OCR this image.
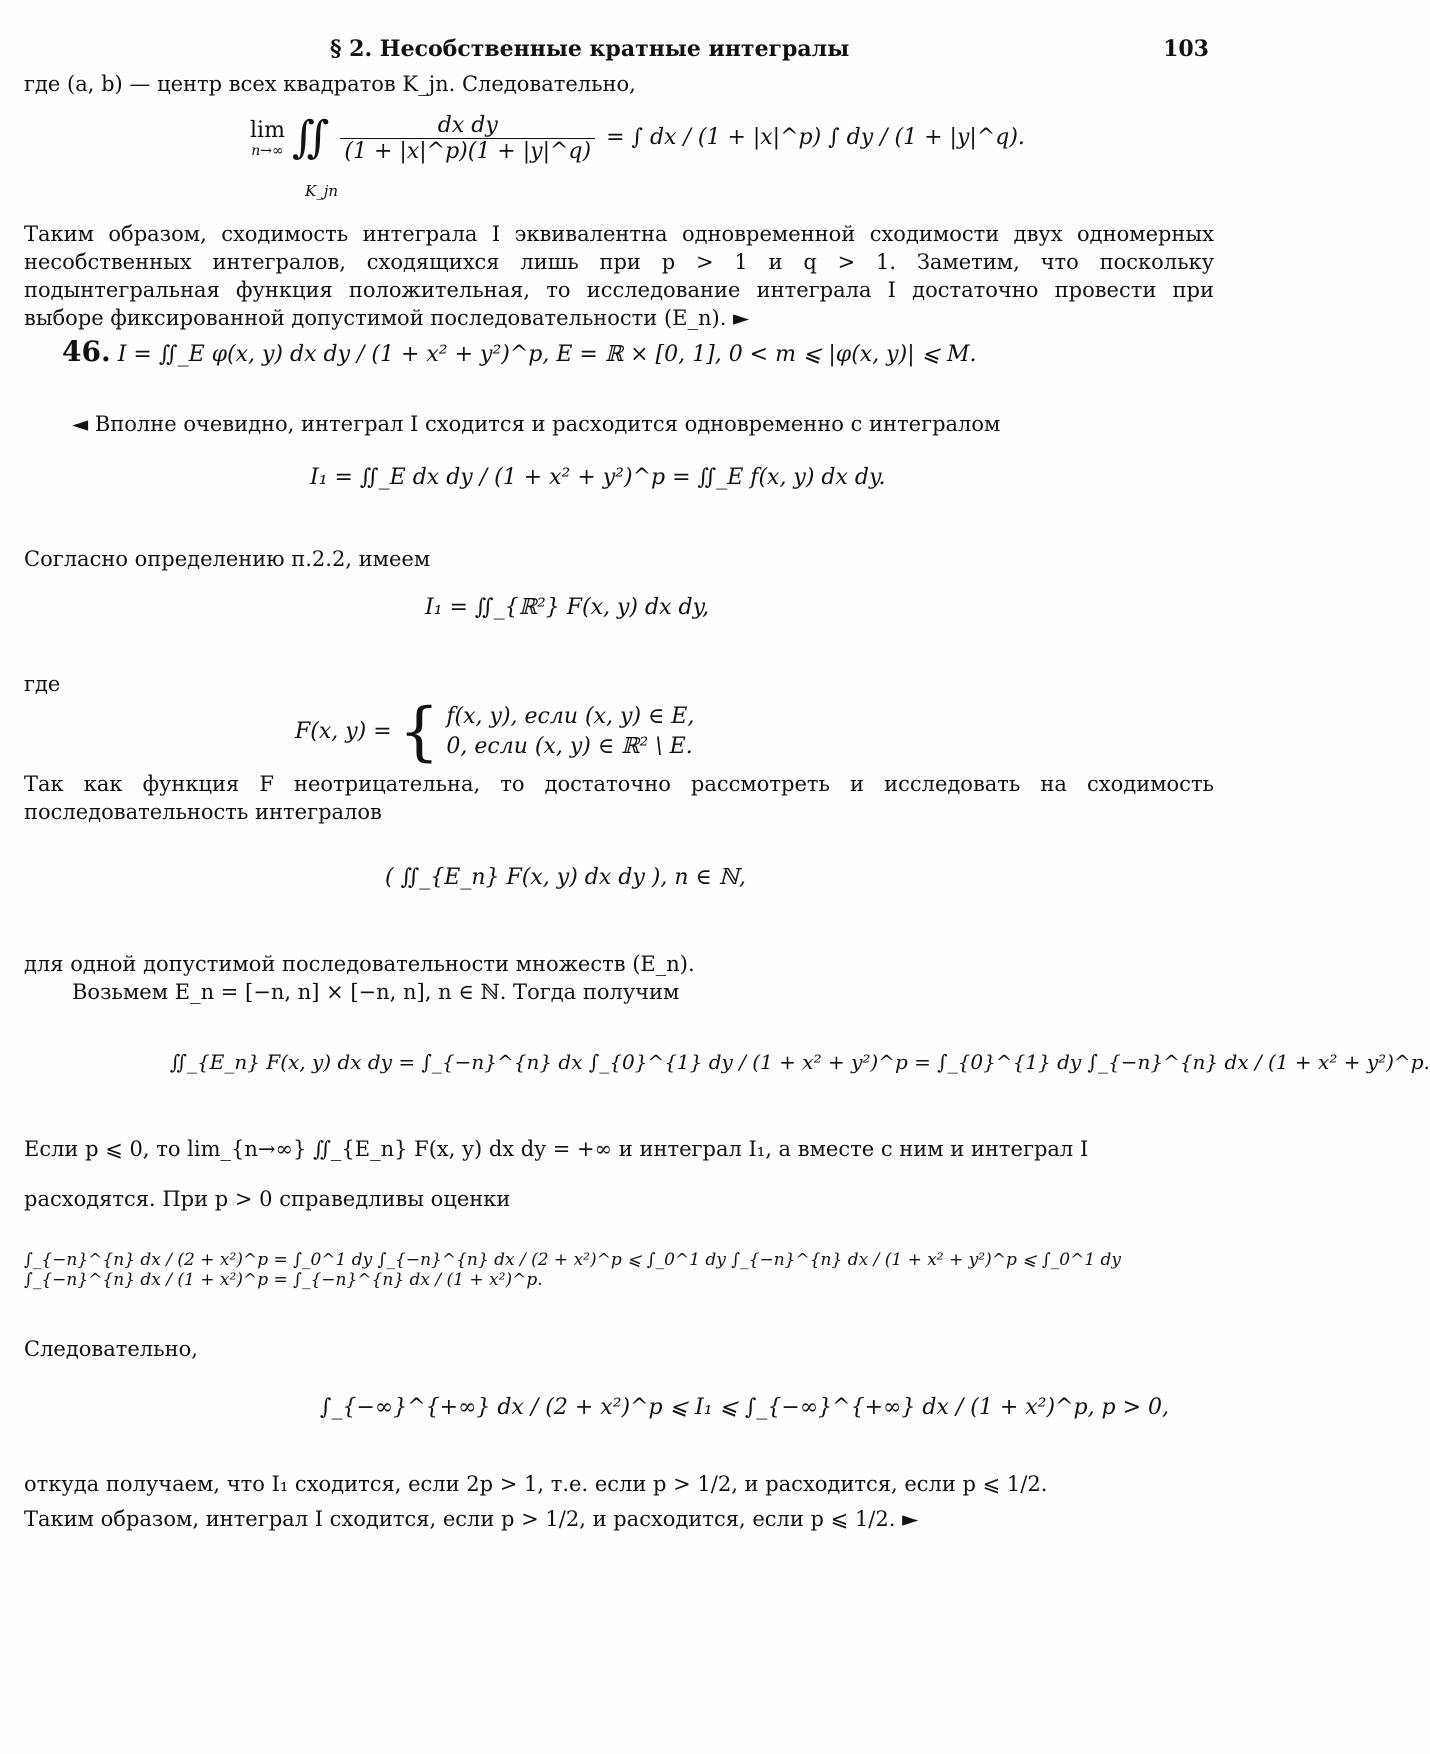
§ 2. Несобственные кратные интегралы	103
где (a, b) — центр всех квадратов K_jn. Следовательно,
lim
n→∞ ∬ $\frac{\text{dx dy}}{(1 + |x|\^{}p)(1 + |y|\^{}q)}$ = ∫ dx / (1 + |x|^p) ∫ dy / (1 + |y|^q).
K_jn
Таким образом, сходимость интеграла I эквивалентна одновременной сходимости двух одномерных несобственных интегралов, сходящихся лишь при p > 1 и q > 1. Заметим, что поскольку подынтегральная функция положительная, то исследование интеграла I достаточно провести при выборе фиксированной допустимой последовательности (E_n). ►
46. I = ∬_E φ(x, y) dx dy / (1 + x² + y²)^p, E = ℝ × [0, 1], 0 < m ⩽ |φ(x, y)| ⩽ M.
◄ Вполне очевидно, интеграл I сходится и расходится одновременно с интегралом
I₁ = ∬_E dx dy / (1 + x² + y²)^p = ∬_E f(x, y) dx dy.
Согласно определению п.2.2, имеем
I₁ = ∬_{ℝ²} F(x, y) dx dy,
где
F(x, y) = { f(x, y), если (x, y) ∈ E,
0, если (x, y) ∈ ℝ² \ E.
Так как функция F неотрицательна, то достаточно рассмотреть и исследовать на сходимость последовательность интегралов
( ∬_{E_n} F(x, y) dx dy ), n ∈ ℕ,
для одной допустимой последовательности множеств (E_n).
Возьмем E_n = [−n, n] × [−n, n], n ∈ ℕ. Тогда получим
∬_{E_n} F(x, y) dx dy = ∫_{−n}^{n} dx ∫_{0}^{1} dy / (1 + x² + y²)^p = ∫_{0}^{1} dy ∫_{−n}^{n} dx / (1 + x² + y²)^p.
Если p ⩽ 0, то lim_{n→∞} ∬_{E_n} F(x, y) dx dy = +∞ и интеграл I₁, а вместе с ним и интеграл I
расходятся. При p > 0 справедливы оценки
∫_{−n}^{n} dx / (2 + x²)^p = ∫_0^1 dy ∫_{−n}^{n} dx / (2 + x²)^p ⩽ ∫_0^1 dy ∫_{−n}^{n} dx / (1 + x² + y²)^p ⩽ ∫_0^1 dy ∫_{−n}^{n} dx / (1 + x²)^p = ∫_{−n}^{n} dx / (1 + x²)^p.
Следовательно,
∫_{−∞}^{+∞} dx / (2 + x²)^p ⩽ I₁ ⩽ ∫_{−∞}^{+∞} dx / (1 + x²)^p, p > 0,
откуда получаем, что I₁ сходится, если 2p > 1, т.е. если p > 1/2, и расходится, если p ⩽ 1/2.
Таким образом, интеграл I сходится, если p > 1/2, и расходится, если p ⩽ 1/2. ►
